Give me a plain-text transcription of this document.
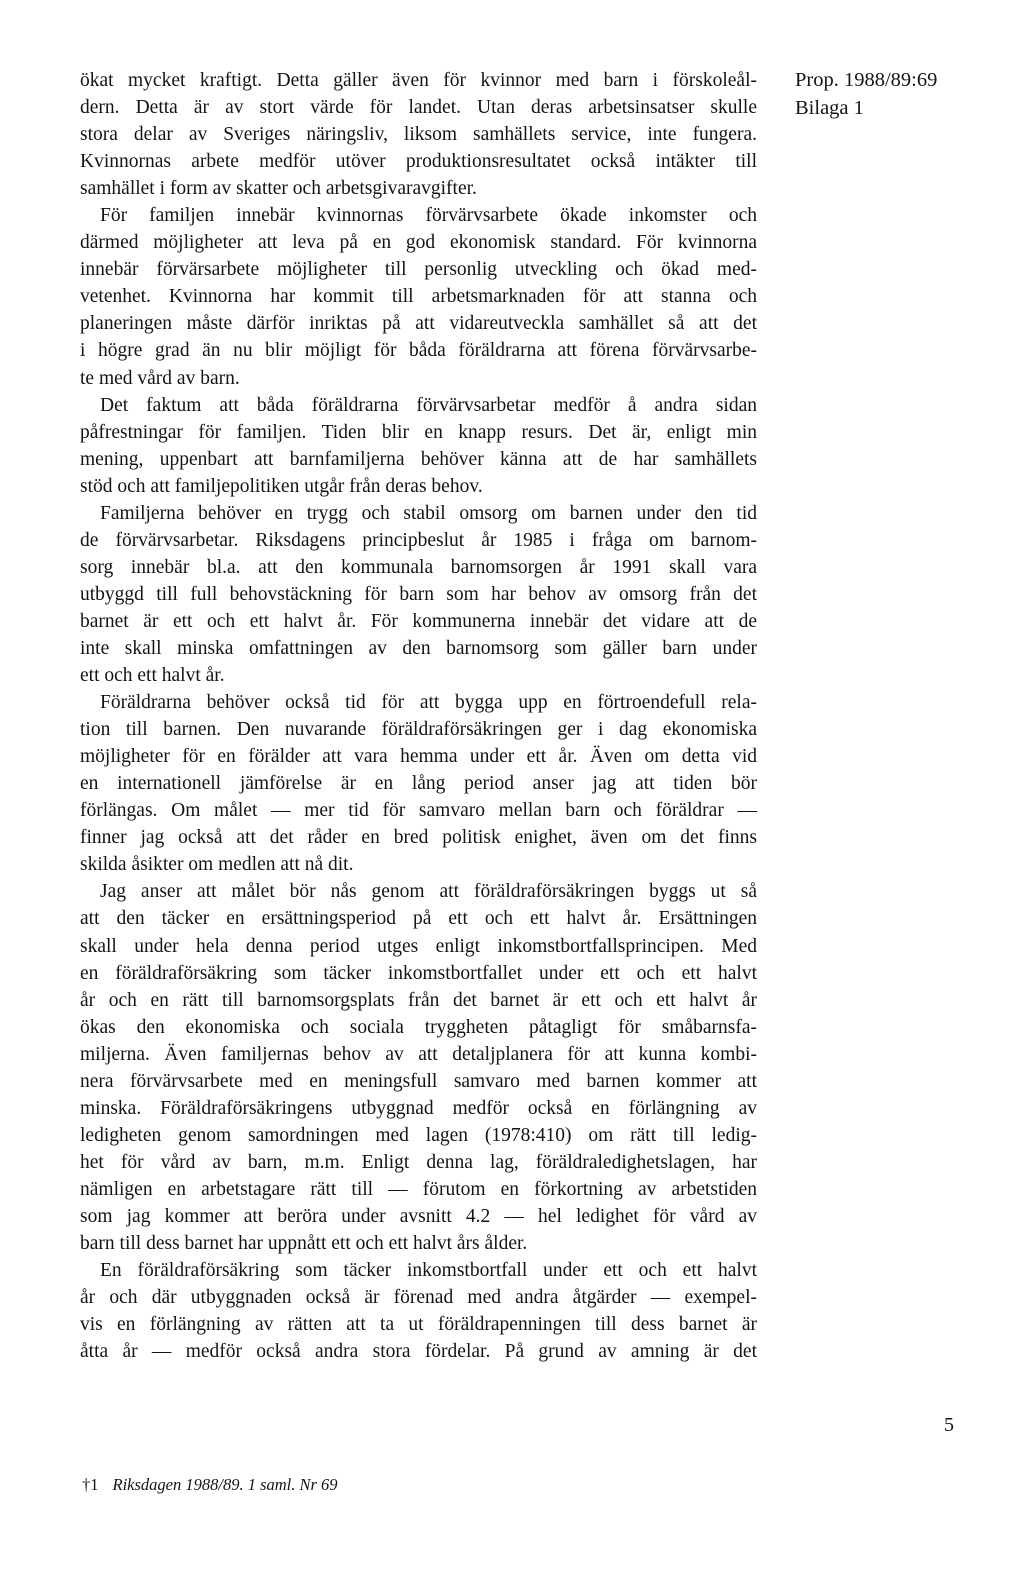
ökat mycket kraftigt. Detta gäller även för kvinnor med barn i förskoleål-
dern. Detta är av stort värde för landet. Utan deras arbetsinsatser skulle
stora delar av Sveriges näringsliv, liksom samhällets service, inte fungera.
Kvinnornas arbete medför utöver produktionsresultatet också intäkter till
samhället i form av skatter och arbetsgivaravgifter.
För familjen innebär kvinnornas förvärvsarbete ökade inkomster och
därmed möjligheter att leva på en god ekonomisk standard. För kvinnorna
innebär förvärsarbete möjligheter till personlig utveckling och ökad med-
vetenhet. Kvinnorna har kommit till arbetsmarknaden för att stanna och
planeringen måste därför inriktas på att vidareutveckla samhället så att det
i högre grad än nu blir möjligt för båda föräldrarna att förena förvärvsarbe-
te med vård av barn.
Det faktum att båda föräldrarna förvärvsarbetar medför å andra sidan
påfrestningar för familjen. Tiden blir en knapp resurs. Det är, enligt min
mening, uppenbart att barnfamiljerna behöver känna att de har samhällets
stöd och att familjepolitiken utgår från deras behov.
Familjerna behöver en trygg och stabil omsorg om barnen under den tid
de förvärvsarbetar. Riksdagens principbeslut år 1985 i fråga om barnom-
sorg innebär bl.a. att den kommunala barnomsorgen år 1991 skall vara
utbyggd till full behovstäckning för barn som har behov av omsorg från det
barnet är ett och ett halvt år. För kommunerna innebär det vidare att de
inte skall minska omfattningen av den barnomsorg som gäller barn under
ett och ett halvt år.
Föräldrarna behöver också tid för att bygga upp en förtroendefull rela-
tion till barnen. Den nuvarande föräldraförsäkringen ger i dag ekonomiska
möjligheter för en förälder att vara hemma under ett år. Även om detta vid
en internationell jämförelse är en lång period anser jag att tiden bör
förlängas. Om målet — mer tid för samvaro mellan barn och föräldrar —
finner jag också att det råder en bred politisk enighet, även om det finns
skilda åsikter om medlen att nå dit.
Jag anser att målet bör nås genom att föräldraförsäkringen byggs ut så
att den täcker en ersättningsperiod på ett och ett halvt år. Ersättningen
skall under hela denna period utges enligt inkomstbortfallsprincipen. Med
en föräldraförsäkring som täcker inkomstbortfallet under ett och ett halvt
år och en rätt till barnomsorgsplats från det barnet är ett och ett halvt år
ökas den ekonomiska och sociala tryggheten påtagligt för småbarnsfa-
miljerna. Även familjernas behov av att detaljplanera för att kunna kombi-
nera förvärvsarbete med en meningsfull samvaro med barnen kommer att
minska. Föräldraförsäkringens utbyggnad medför också en förlängning av
ledigheten genom samordningen med lagen (1978:410) om rätt till ledig-
het för vård av barn, m.m. Enligt denna lag, föräldraledighetslagen, har
nämligen en arbetstagare rätt till — förutom en förkortning av arbetstiden
som jag kommer att beröra under avsnitt 4.2 — hel ledighet för vård av
barn till dess barnet har uppnått ett och ett halvt års ålder.
En föräldraförsäkring som täcker inkomstbortfall under ett och ett halvt
år och där utbyggnaden också är förenad med andra åtgärder — exempel-
vis en förlängning av rätten att ta ut föräldrapenningen till dess barnet är
åtta år — medför också andra stora fördelar. På grund av amning är det
Prop. 1988/89:69
Bilaga 1
5
†1 Riksdagen 1988/89. 1 saml. Nr 69
